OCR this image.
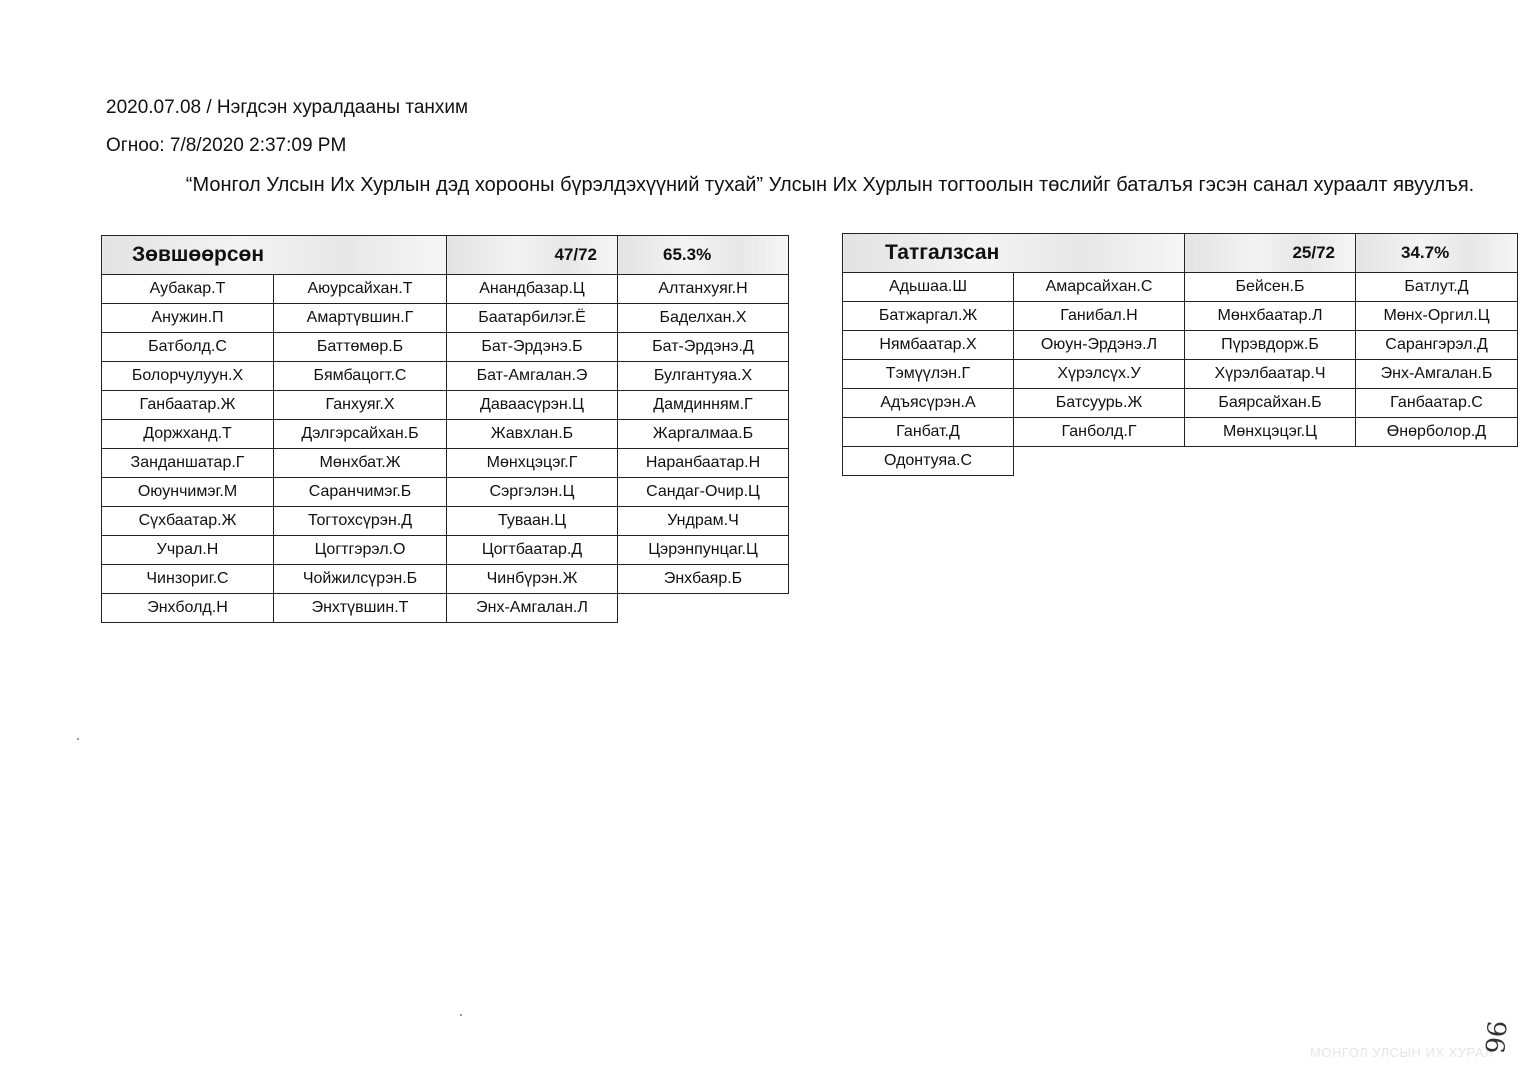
2020.07.08 / Нэгдсэн хуралдааны танхим
Огноо: 7/8/2020 2:37:09 PM
“Монгол Улсын Их Хурлын дэд хорооны бүрэлдэхүүний тухай” Улсын Их Хурлын тогтоолын төслийг баталъя гэсэн санал хураалт явуулъя.
Зөвшөөрсөн		47/72	65.3%
Аубакар.Т	Аюурсайхан.Т	Анандбазар.Ц	Алтанхуяг.Н
Анужин.П	Амартүвшин.Г	Баатарбилэг.Ё	Баделхан.Х
Батболд.С	Баттөмөр.Б	Бат-Эрдэнэ.Б	Бат-Эрдэнэ.Д
Болорчулуун.Х	Бямбацогт.С	Бат-Амгалан.Э	Булгантуяа.Х
Ганбаатар.Ж	Ганхуяг.Х	Даваасүрэн.Ц	Дамдинням.Г
Доржханд.Т	Дэлгэрсайхан.Б	Жавхлан.Б	Жаргалмаа.Б
Занданшатар.Г	Мөнхбат.Ж	Мөнхцэцэг.Г	Наранбаатар.Н
Оюунчимэг.М	Саранчимэг.Б	Сэргэлэн.Ц	Сандаг-Очир.Ц
Сүхбаатар.Ж	Тогтохсүрэн.Д	Туваан.Ц	Ундрам.Ч
Учрал.Н	Цогтгэрэл.О	Цогтбаатар.Д	Цэрэнпунцаг.Ц
Чинзориг.С	Чойжилсүрэн.Б	Чинбүрэн.Ж	Энхбаяр.Б
Энхболд.Н	Энхтүвшин.Т	Энх-Амгалан.Л	
Татгалзсан		25/72	34.7%
Адьшаа.Ш	Амарсайхан.С	Бейсен.Б	Батлут.Д
Батжаргал.Ж	Ганибал.Н	Мөнхбаатар.Л	Мөнх-Оргил.Ц
Нямбаатар.Х	Оюун-Эрдэнэ.Л	Пүрэвдорж.Б	Сарангэрэл.Д
Тэмүүлэн.Г	Хүрэлсүх.У	Хүрэлбаатар.Ч	Энх-Амгалан.Б
Адъясүрэн.А	Батсуурь.Ж	Баярсайхан.Б	Ганбаатар.С
Ганбат.Д	Ганболд.Г	Мөнхцэцэг.Ц	Өнөрболор.Д
Одонтуяа.С			
МОНГОЛ УЛСЫН ИХ ХУРАЛ
96
